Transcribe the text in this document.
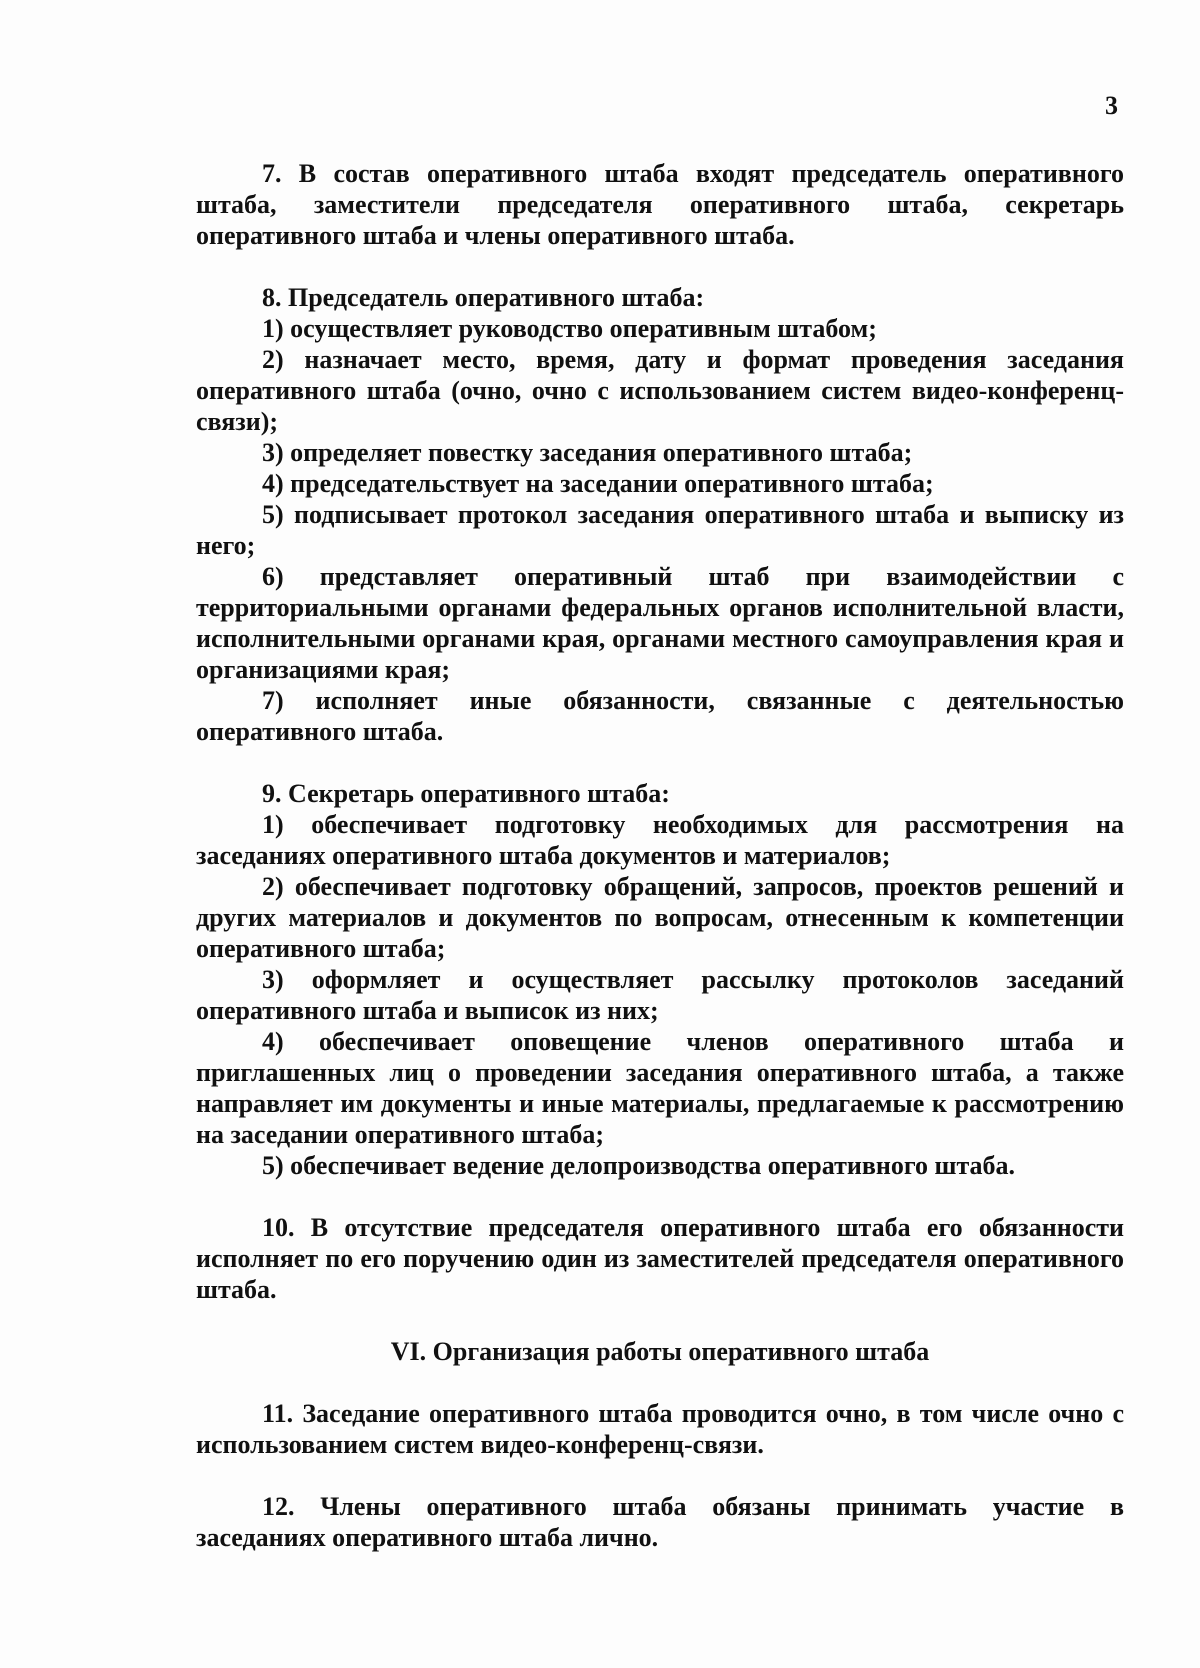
3

7. В состав оперативного штаба входят председатель оперативного штаба, заместители председателя оперативного штаба, секретарь оперативного штаба и члены оперативного штаба.

8. Председатель оперативного штаба:

1) осуществляет руководство оперативным штабом;

2) назначает место, время, дату и формат проведения заседания оперативного штаба (очно, очно с использованием систем видео-конференц-связи);

3) определяет повестку заседания оперативного штаба;

4) председательствует на заседании оперативного штаба;

5) подписывает протокол заседания оперативного штаба и выписку из него;

6) представляет оперативный штаб при взаимодействии с территориальными органами федеральных органов исполнительной власти, исполнительными органами края, органами местного самоуправления края и организациями края;

7) исполняет иные обязанности, связанные с деятельностью оперативного штаба.

9. Секретарь оперативного штаба:

1) обеспечивает подготовку необходимых для рассмотрения на заседаниях оперативного штаба документов и материалов;

2) обеспечивает подготовку обращений, запросов, проектов решений и других материалов и документов по вопросам, отнесенным к компетенции оперативного штаба;

3) оформляет и осуществляет рассылку протоколов заседаний оперативного штаба и выписок из них;

4) обеспечивает оповещение членов оперативного штаба и приглашенных лиц о проведении заседания оперативного штаба, а также направляет им документы и иные материалы, предлагаемые к рассмотрению на заседании оперативного штаба;

5) обеспечивает ведение делопроизводства оперативного штаба.

10. В отсутствие председателя оперативного штаба его обязанности исполняет по его поручению один из заместителей председателя оперативного штаба.

VI. Организация работы оперативного штаба

11. Заседание оперативного штаба проводится очно, в том числе очно с использованием систем видео-конференц-связи.

12. Члены оперативного штаба обязаны принимать участие в заседаниях оперативного штаба лично.
